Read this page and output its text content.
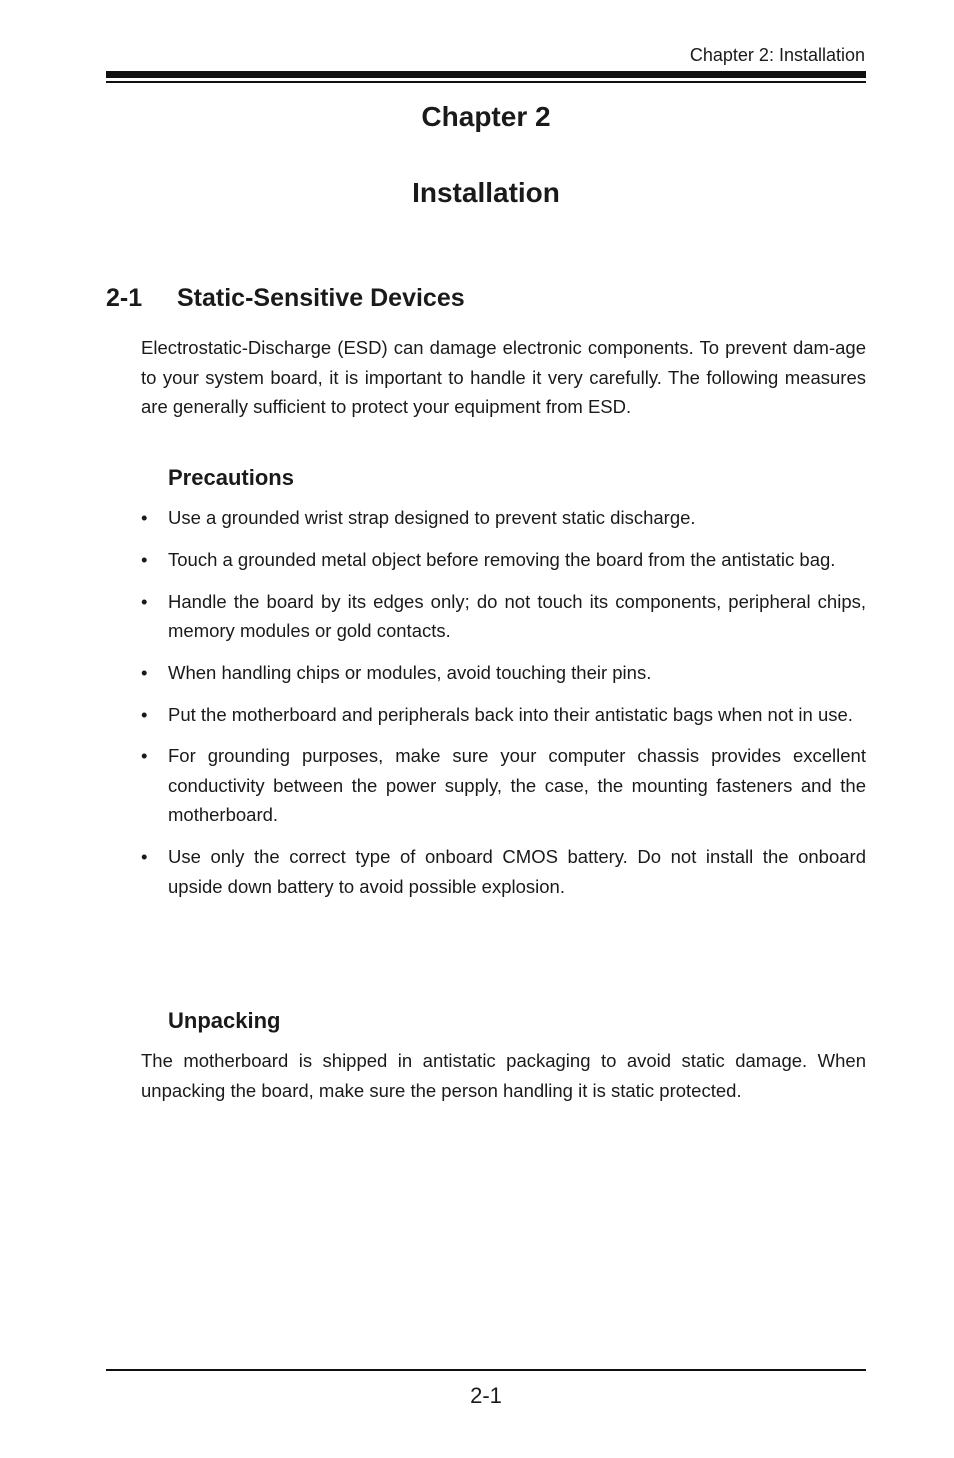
Chapter 2: Installation
Chapter 2
Installation
2-1 Static-Sensitive Devices

Electrostatic-Discharge (ESD) can damage electronic components. To prevent dam-age to your system board, it is important to handle it very carefully. The following measures are generally sufficient to protect your equipment from ESD.

Precautions
• Use a grounded wrist strap designed to prevent static discharge.
• Touch a grounded metal object before removing the board from the antistatic bag.
• Handle the board by its edges only; do not touch its components, peripheral chips, memory modules or gold contacts.
• When handling chips or modules, avoid touching their pins.
• Put the motherboard and peripherals back into their antistatic bags when not in use.
• For grounding purposes, make sure your computer chassis provides excellent conductivity between the power supply, the case, the mounting fasteners and the motherboard.
• Use only the correct type of onboard CMOS battery. Do not install the onboard upside down battery to avoid possible explosion.
Unpacking

The motherboard is shipped in antistatic packaging to avoid static damage. When unpacking the board, make sure the person handling it is static protected.

2-1
